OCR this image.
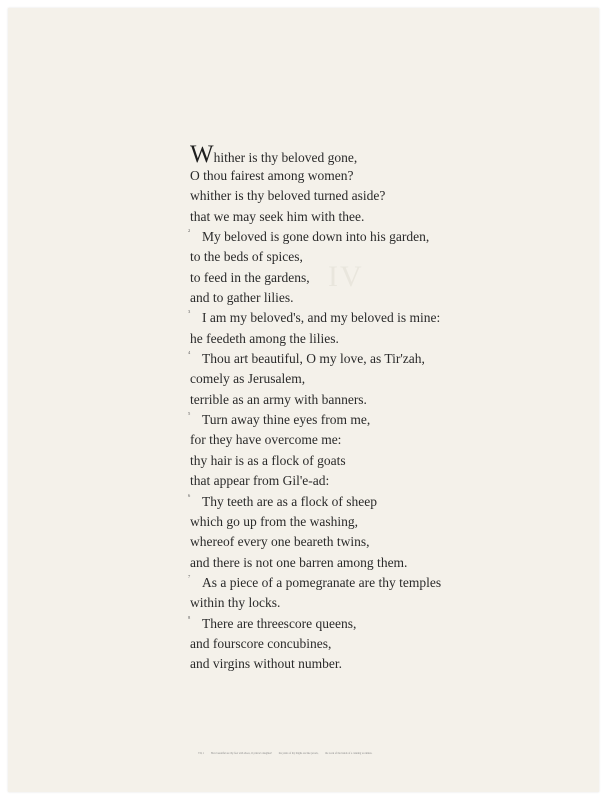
IV
Whither is thy beloved gone,
O thou fairest among women?
whither is thy beloved turned aside?
that we may seek him with thee.
2 My beloved is gone down into his garden,
to the beds of spices,
to feed in the gardens,
and to gather lilies.
3 I am my beloved's, and my beloved is mine:
he feedeth among the lilies.
4 Thou art beautiful, O my love, as Tir'zah,
comely as Jerusalem,
terrible as an army with banners.
5 Turn away thine eyes from me,
for they have overcome me:
thy hair is as a flock of goats
that appear from Gil'e-ad:
6 Thy teeth are as a flock of sheep
which go up from the washing,
whereof every one beareth twins,
and there is not one barren among them.
7 As a piece of a pomegranate are thy temples
within thy locks.
8 There are threescore queens,
and fourscore concubines,
and virgins without number.
VII, 1	How beautiful are thy feet with shoes, O prince's daughter!	the joints of thy thighs are like jewels,	the work of the hands of a cunning workman.
